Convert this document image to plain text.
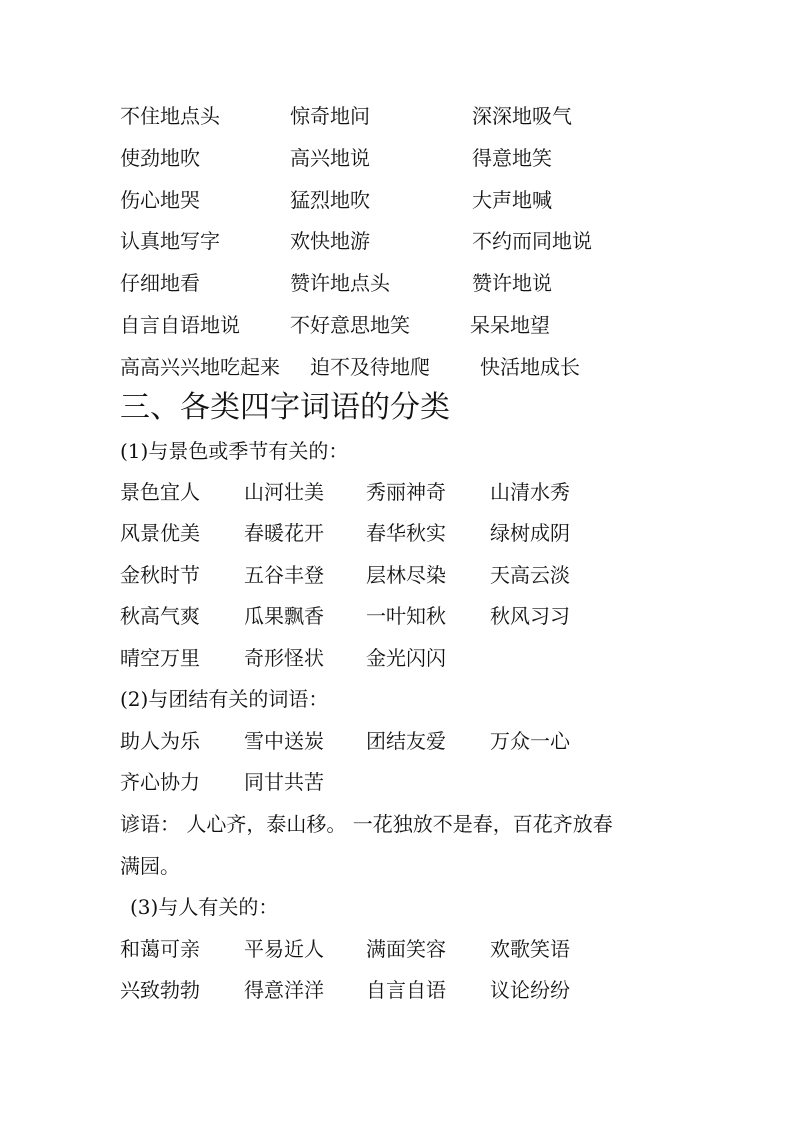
不住地点头	惊奇地问	深深地吸气
使劲地吹	高兴地说	得意地笑
伤心地哭	猛烈地吹	大声地喊
认真地写字	欢快地游	不约而同地说
仔细地看	赞许地点头	赞许地说
自言自语地说	不好意思地笑	呆呆地望
高高兴兴地吃起来 迫不及待地爬	快活地成长
三、各类四字词语的分类
(1)与景色或季节有关的：
景色宜人 山河壮美 秀丽神奇 山清水秀
风景优美 春暖花开 春华秋实 绿树成阴
金秋时节 五谷丰登 层林尽染 天高云淡
秋高气爽 瓜果飘香 一叶知秋 秋风习习
晴空万里 奇形怪状 金光闪闪
(2)与团结有关的词语：
助人为乐 雪中送炭 团结友爱 万众一心
齐心协力 同甘共苦
谚语： 人心齐，泰山移。 一花独放不是春，百花齐放春
满园。
(3)与人有关的：
和蔼可亲 平易近人 满面笑容 欢歌笑语
兴致勃勃 得意洋洋 自言自语 议论纷纷
